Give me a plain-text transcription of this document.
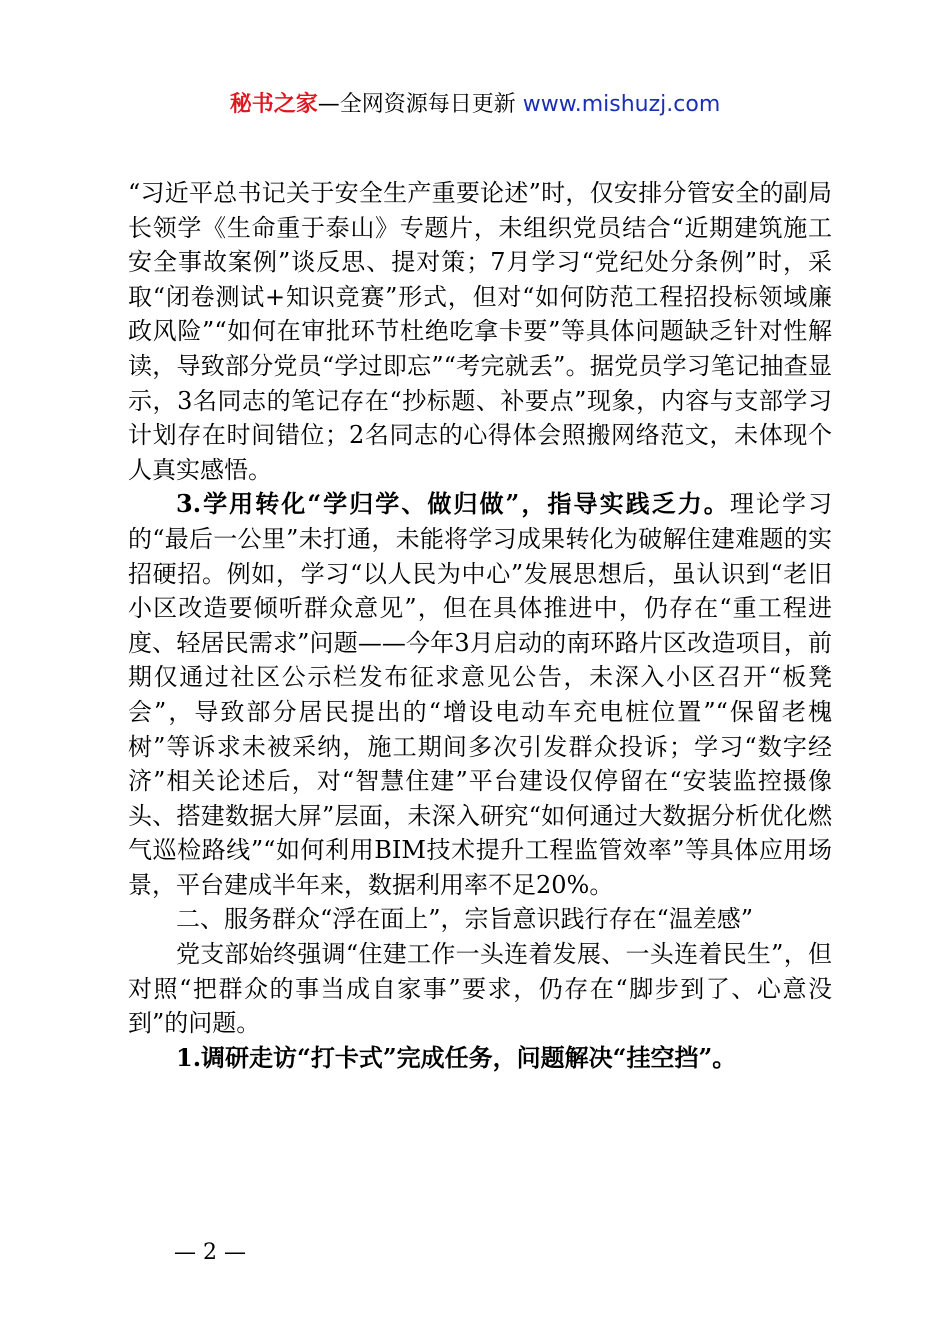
秘书之家—全网资源每日更新 www.mishuzj.com

“习近平总书记关于安全生产重要论述”时，仅安排分管安全的副局长领学《生命重于泰山》专题片，未组织党员结合“近期建筑施工安全事故案例”谈反思、提对策；7月学习“党纪处分条例”时，采取“闭卷测试+知识竞赛”形式，但对“如何防范工程招投标领域廉政风险”“如何在审批环节杜绝吃拿卡要”等具体问题缺乏针对性解读，导致部分党员“学过即忘”“考完就丢”。据党员学习笔记抽查显示，3名同志的笔记存在“抄标题、补要点”现象，内容与支部学习计划存在时间错位；2名同志的心得体会照搬网络范文，未体现个人真实感悟。

3.学用转化“学归学、做归做”，指导实践乏力。理论学习的“最后一公里”未打通，未能将学习成果转化为破解住建难题的实招硬招。例如，学习“以人民为中心”发展思想后，虽认识到“老旧小区改造要倾听群众意见”，但在具体推进中，仍存在“重工程进度、轻居民需求”问题——今年3月启动的南环路片区改造项目，前期仅通过社区公示栏发布征求意见公告，未深入小区召开“板凳会”，导致部分居民提出的“增设电动车充电桩位置”“保留老槐树”等诉求未被采纳，施工期间多次引发群众投诉；学习“数字经济”相关论述后，对“智慧住建”平台建设仅停留在“安装监控摄像头、搭建数据大屏”层面，未深入研究“如何通过大数据分析优化燃气巡检路线”“如何利用BIM技术提升工程监管效率”等具体应用场景，平台建成半年来，数据利用率不足20%。

二、服务群众“浮在面上”，宗旨意识践行存在“温差感”

党支部始终强调“住建工作一头连着发展、一头连着民生”，但对照“把群众的事当成自家事”要求，仍存在“脚步到了、心意没到”的问题。

1.调研走访“打卡式”完成任务，问题解决“挂空挡”。

— 2 —
